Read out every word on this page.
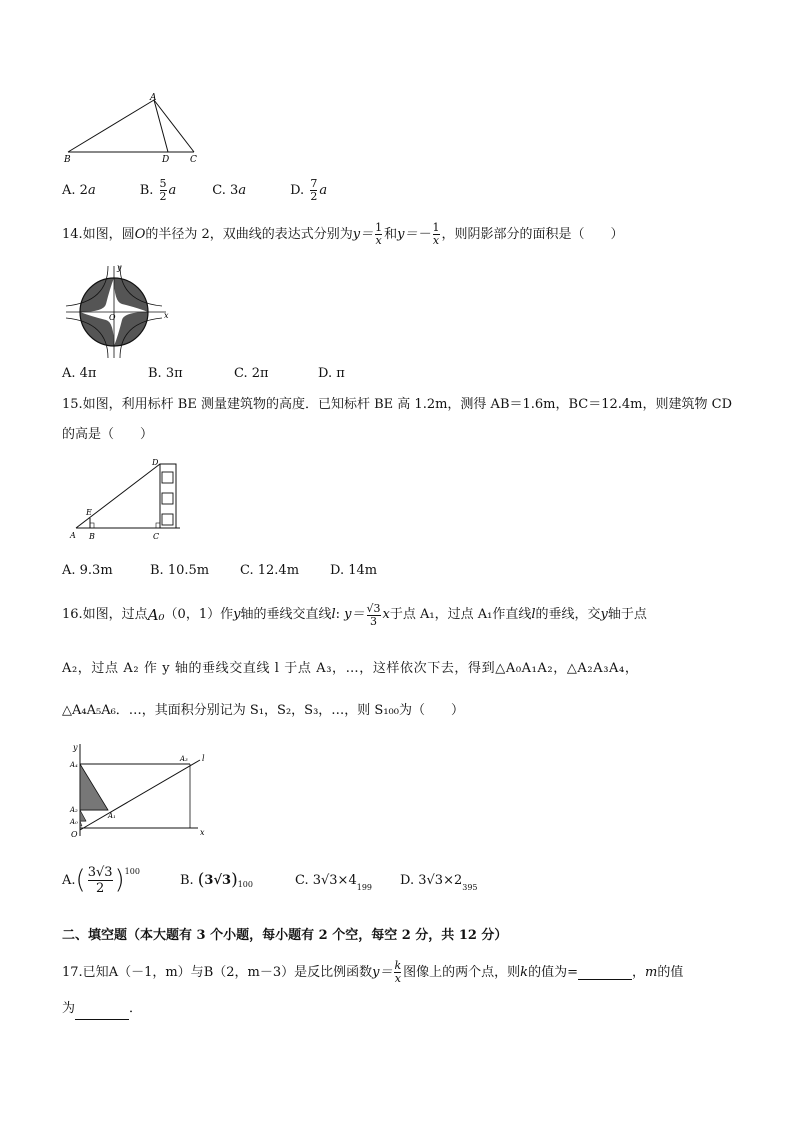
A
B	D C
A. 2 a	B.
$\frac{5}{2}$ a	C. 3 a	D.
$\frac{7}{2}$ a
14.如图，圆 O 的半径为 2，双曲线的表达式分别为 $y= \frac{1}{x}$ 和 $y=- \frac{1}{x}$ ，则阴影部分的面积是（　　）
y
x
O
A. 4π	B. 3π	C. 2π	D. π
15.如图，利用标杆 BE 测量建筑物的高度．已知标杆 BE 高 1.2m，测得 AB＝1.6m，BC＝12.4m，则建筑物 CD
的高是（　　）
D
E
A B	C
A. 9.3m	B. 10.5m	C. 12.4m	D. 14m
16.如图，过点 A₀ （0，1）作 y 轴的垂线交直线 l :
$y= \frac{√3}{3}$ x 于点 A₁，过点 A₁作直线 l 的垂线，交 y 轴于点
A₂，过点 A₂ 作 y 轴的垂线交直线 l 于点 A₃，…，这样依次下去，得到△A₀A₁A₂，△A₂A₃A₄，
△A₄A₅A₆．…，其面积分别记为 S₁，S₂，S₃，…，则 S₁₀₀为（　　）
y
A₄
A₃ l
A₂
A₁
A₀
O	x
A. ( $\frac{3√3}{2} )^{100}$
B.
( 3√3 )$_{100}$	C. $3√3\times 4_{199}$ D. $3√3\times 2_{395}$
二、填空题（本大题有 3 个小题，每小题有 2 个空，每空 2 分，共 12 分）
17.已知 A（－1，m）与 B（2，m－3）是反比例函数 $y= \frac{k}{x}$ 图像上的两个点，则 k 的值为=	， m 的值
为	．
